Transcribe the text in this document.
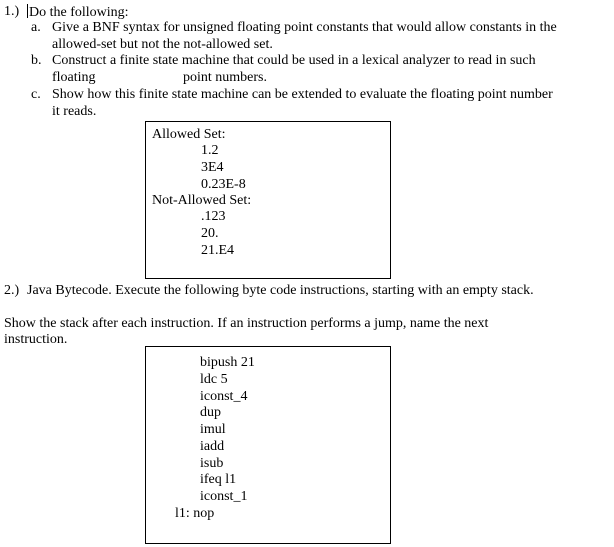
1.) Do the following:
a. Give a BNF syntax for unsigned floating point constants that would allow constants in the
allowed-set but not the not-allowed set.
b. Construct a finite state machine that could be used in a lexical analyzer to read in such
floating	point numbers.
c. Show how this finite state machine can be extended to evaluate the floating point number
it reads.
Allowed Set:
1.2
3E4
0.23E-8
Not-Allowed Set:
.123
20.
21.E4
2.) Java Bytecode. Execute the following byte code instructions, starting with an empty stack.
Show the stack after each instruction. If an instruction performs a jump, name the next
instruction.
bipush 21
ldc 5
iconst_4
dup
imul
iadd
isub
ifeq l1
iconst_1
l1: nop
